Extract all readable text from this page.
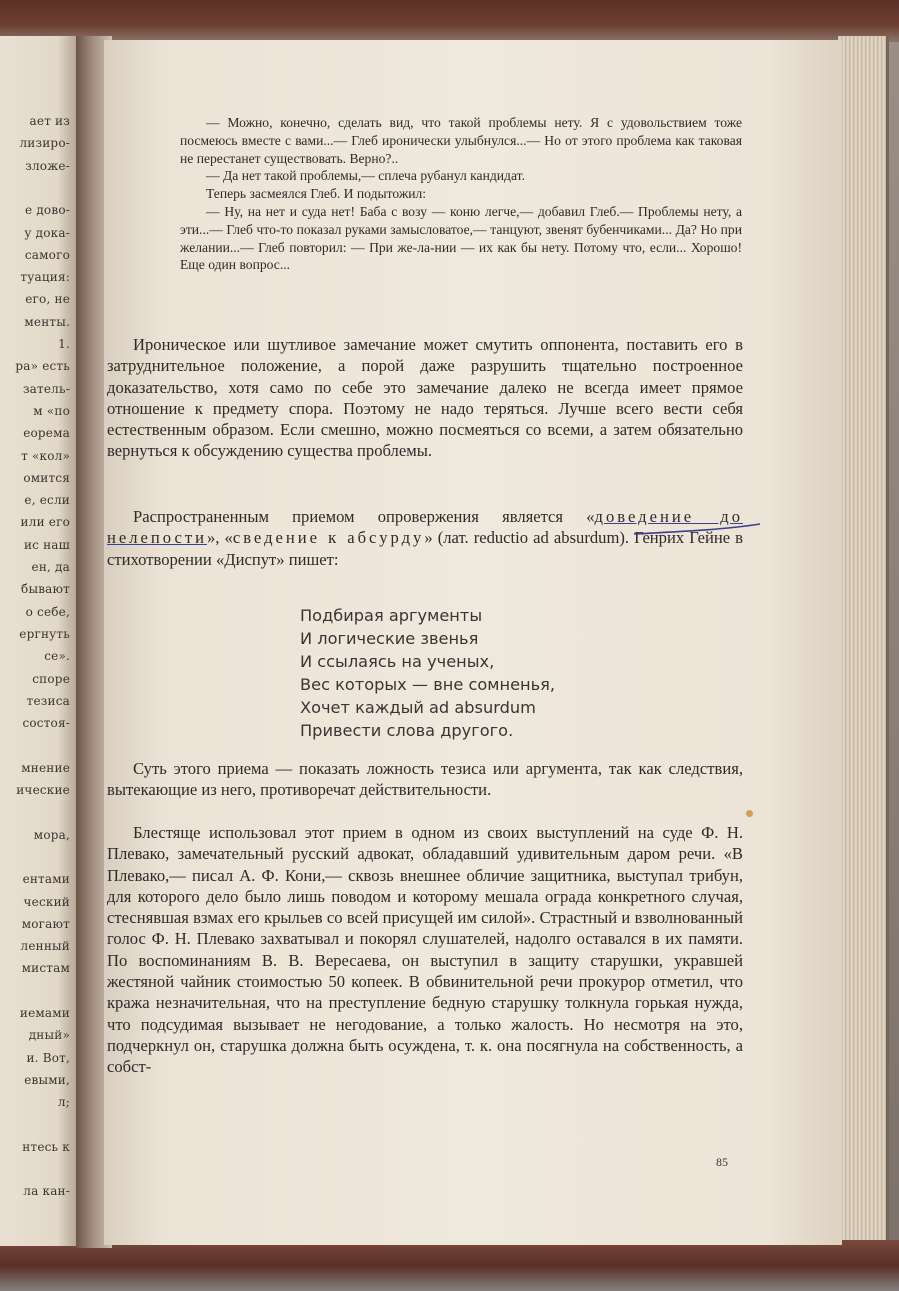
ает из
лизиро-
зложе-
е дово-
у дока-
самого
туация:
его, не
менты.
1.
ра» есть
затель-
м «по
еорема
т «кол»
омится
е, если
или его
ис наш
ен, да
бывают
о себе,
ергнуть
се».
споре
тезиса
состоя-
мнение
ические
мора,
ентами
ческий
могают
ленный
мистам
иемами
дный»
и. Вот,
евыми,
л;
нтесь к
ла кан-

— Можно, конечно, сделать вид, что такой проблемы нету. Я с удовольствием тоже посмеюсь вместе с вами...— Глеб иронически улыбнулся...— Но от этого проблема как таковая не перестанет существовать. Верно?..

— Да нет такой проблемы,— сплеча рубанул кандидат.

Теперь засмеялся Глеб. И подытожил:

— Ну, на нет и суда нет! Баба с возу — коню легче,— добавил Глеб.— Проблемы нету, а эти...— Глеб что-то показал руками замысловатое,— танцуют, звенят бубенчиками... Да? Но при желании...— Глеб повторил: — При же-ла-нии — их как бы нету. Потому что, если... Хорошо! Еще один вопрос...

Ироническое или шутливое замечание может смутить оппонента, поставить его в затруднительное положение, а порой даже разрушить тщательно построенное доказательство, хотя само по себе это замечание далеко не всегда имеет прямое отношение к предмету спора. Поэтому не надо теряться. Лучше всего вести себя естественным образом. Если смешно, можно посмеяться со всеми, а затем обязательно вернуться к обсуждению существа проблемы.

Распространенным приемом опровержения является «доведение до нелепости», «сведение к абсурду» (лат. reductio ad absurdum). Генрих Гейне в стихотворении «Диспут» пишет:

Подбирая аргументы
И логические звенья
И ссылаясь на ученых,
Вес которых — вне сомненья,
Хочет каждый ad absurdum
Привести слова другого.

Суть этого приема — показать ложность тезиса или аргумента, так как следствия, вытекающие из него, противоречат действительности.

Блестяще использовал этот прием в одном из своих выступлений на суде Ф. Н. Плевако, замечательный русский адвокат, обладавший удивительным даром речи. «В Плевако,— писал А. Ф. Кони,— сквозь внешнее обличие защитника, выступал трибун, для которого дело было лишь поводом и которому мешала ограда конкретного случая, стеснявшая взмах его крыльев со всей присущей им силой». Страстный и взволнованный голос Ф. Н. Плевако захватывал и покорял слушателей, надолго оставался в их памяти. По воспоминаниям В. В. Вересаева, он выступил в защиту старушки, укравшей жестяной чайник стоимостью 50 копеек. В обвинительной речи прокурор отметил, что кража незначительная, что на преступление бедную старушку толкнула горькая нужда, что подсудимая вызывает не негодование, а только жалость. Но несмотря на это, подчеркнул он, старушка должна быть осуждена, т. к. она посягнула на собственность, а собст-

85
